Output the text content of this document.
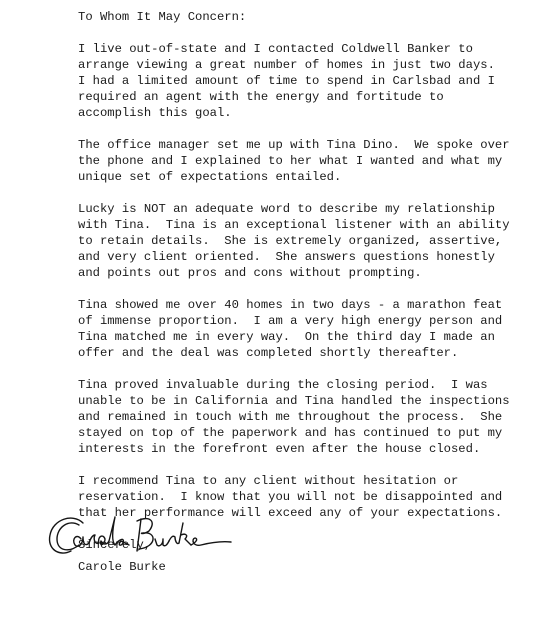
To Whom It May Concern:
I live out-of-state and I contacted Coldwell Banker to
arrange viewing a great number of homes in just two days.
I had a limited amount of time to spend in Carlsbad and I
required an agent with the energy and fortitude to
accomplish this goal.
The office manager set me up with Tina Dino.  We spoke over
the phone and I explained to her what I wanted and what my
unique set of expectations entailed.
Lucky is NOT an adequate word to describe my relationship
with Tina.  Tina is an exceptional listener with an ability
to retain details.  She is extremely organized, assertive,
and very client oriented.  She answers questions honestly
and points out pros and cons without prompting.
Tina showed me over 40 homes in two days - a marathon feat
of immense proportion.  I am a very high energy person and
Tina matched me in every way.  On the third day I made an
offer and the deal was completed shortly thereafter.
Tina proved invaluable during the closing period.  I was
unable to be in California and Tina handled the inspections
and remained in touch with me throughout the process.  She
stayed on top of the paperwork and has continued to put my
interests in the forefront even after the house closed.
I recommend Tina to any client without hesitation or
reservation.  I know that you will not be disappointed and
that her performance will exceed any of your expectations.
Sincerely,
Carole Burke
